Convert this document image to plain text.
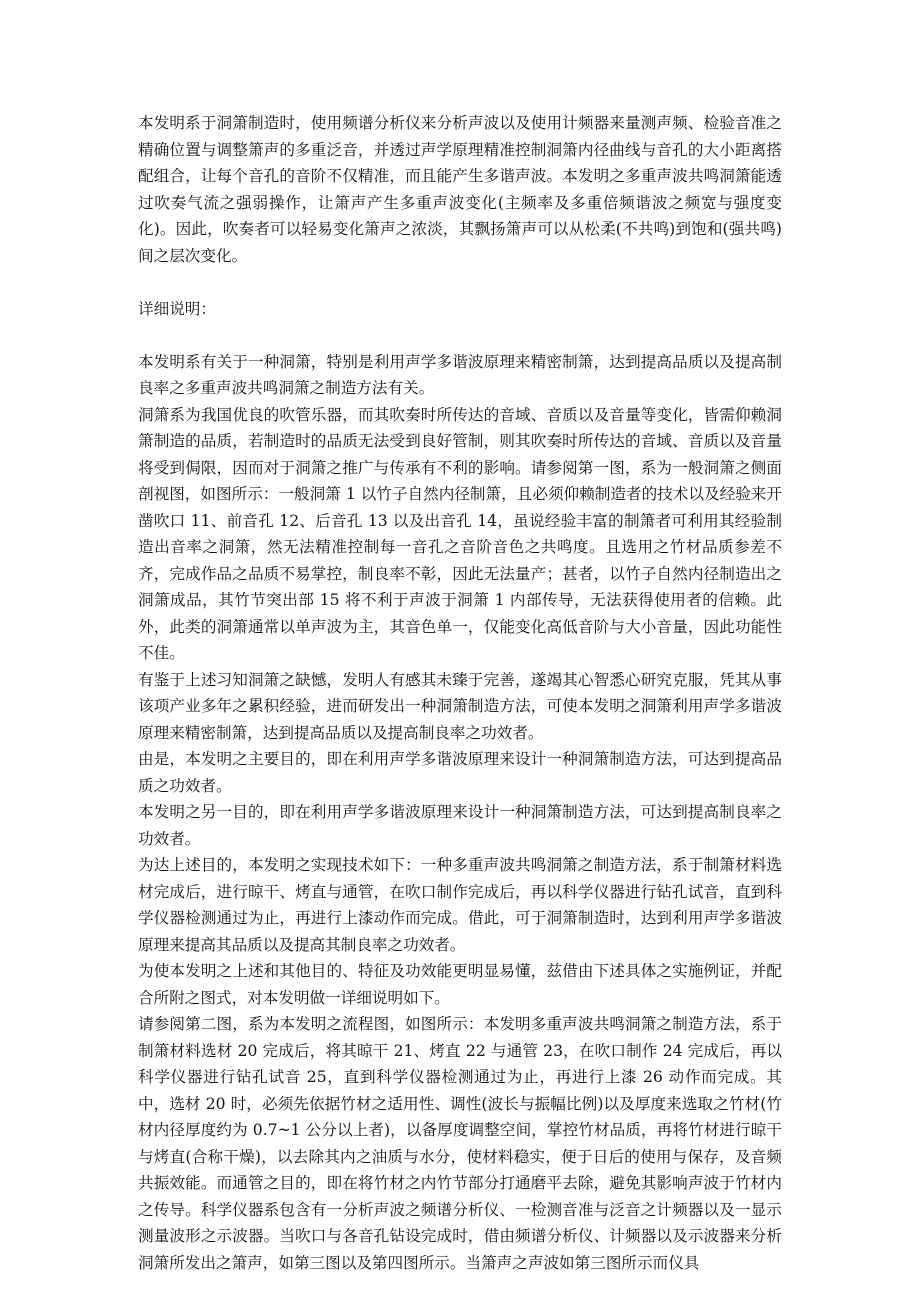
本发明系于洞箫制造时，使用频谱分析仪来分析声波以及使用计频器来量测声频、检验音准之精确位置与调整箫声的多重泛音，并透过声学原理精准控制洞箫内径曲线与音孔的大小距离搭配组合，让每个音孔的音阶不仅精准，而且能产生多谐声波。本发明之多重声波共鸣洞箫能透过吹奏气流之强弱操作，让箫声产生多重声波变化(主频率及多重倍频谐波之频宽与强度变化)。因此，吹奏者可以轻易变化箫声之浓淡，其飘扬箫声可以从松柔(不共鸣)到饱和(强共鸣)间之层次变化。

详细说明：

本发明系有关于一种洞箫，特别是利用声学多谐波原理来精密制箫，达到提高品质以及提高制良率之多重声波共鸣洞箫之制造方法有关。

洞箫系为我国优良的吹管乐器，而其吹奏时所传达的音域、音质以及音量等变化，皆需仰赖洞箫制造的品质，若制造时的品质无法受到良好管制，则其吹奏时所传达的音域、音质以及音量将受到侷限，因而对于洞箫之推广与传承有不利的影响。请参阅第一图，系为一般洞箫之侧面剖视图，如图所示：一般洞箫 1 以竹子自然内径制箫，且必须仰赖制造者的技术以及经验来开凿吹口 11、前音孔 12、后音孔 13 以及出音孔 14，虽说经验丰富的制箫者可利用其经验制造出音率之洞箫，然无法精准控制每一音孔之音阶音色之共鸣度。且选用之竹材品质参差不齐，完成作品之品质不易掌控，制良率不彰，因此无法量产；甚者，以竹子自然内径制造出之洞箫成品，其竹节突出部 15 将不利于声波于洞箫 1 内部传导，无法获得使用者的信赖。此外，此类的洞箫通常以单声波为主，其音色单一，仅能变化高低音阶与大小音量，因此功能性不佳。

有鉴于上述习知洞箫之缺憾，发明人有感其未臻于完善，遂竭其心智悉心研究克服，凭其从事该项产业多年之累积经验，进而研发出一种洞箫制造方法，可使本发明之洞箫利用声学多谐波原理来精密制箫，达到提高品质以及提高制良率之功效者。

由是，本发明之主要目的，即在利用声学多谐波原理来设计一种洞箫制造方法，可达到提高品质之功效者。

本发明之另一目的，即在利用声学多谐波原理来设计一种洞箫制造方法，可达到提高制良率之功效者。

为达上述目的，本发明之实现技术如下：一种多重声波共鸣洞箫之制造方法，系于制箫材料选材完成后，进行晾干、烤直与通管，在吹口制作完成后，再以科学仪器进行钻孔试音，直到科学仪器检测通过为止，再进行上漆动作而完成。借此，可于洞箫制造时，达到利用声学多谐波原理来提高其品质以及提高其制良率之功效者。

为使本发明之上述和其他目的、特征及功效能更明显易懂，兹借由下述具体之实施例证，并配合所附之图式，对本发明做一详细说明如下。

请参阅第二图，系为本发明之流程图，如图所示：本发明多重声波共鸣洞箫之制造方法，系于制箫材料选材 20 完成后，将其晾干 21、烤直 22 与通管 23，在吹口制作 24 完成后，再以科学仪器进行钻孔试音 25，直到科学仪器检测通过为止，再进行上漆 26 动作而完成。其中，选材 20 时，必须先依据竹材之适用性、调性(波长与振幅比例)以及厚度来选取之竹材(竹材内径厚度约为 0.7~1 公分以上者)，以备厚度调整空间，掌控竹材品质，再将竹材进行晾干与烤直(合称干燥)，以去除其内之油质与水分，使材料稳实，便于日后的使用与保存，及音频共振效能。而通管之目的，即在将竹材之内竹节部分打通磨平去除，避免其影响声波于竹材内之传导。科学仪器系包含有一分析声波之频谱分析仪、一检测音准与泛音之计频器以及一显示测量波形之示波器。当吹口与各音孔钻设完成时，借由频谱分析仪、计频器以及示波器来分析洞箫所发出之箫声，如第三图以及第四图所示。当箫声之声波如第三图所示而仪具
